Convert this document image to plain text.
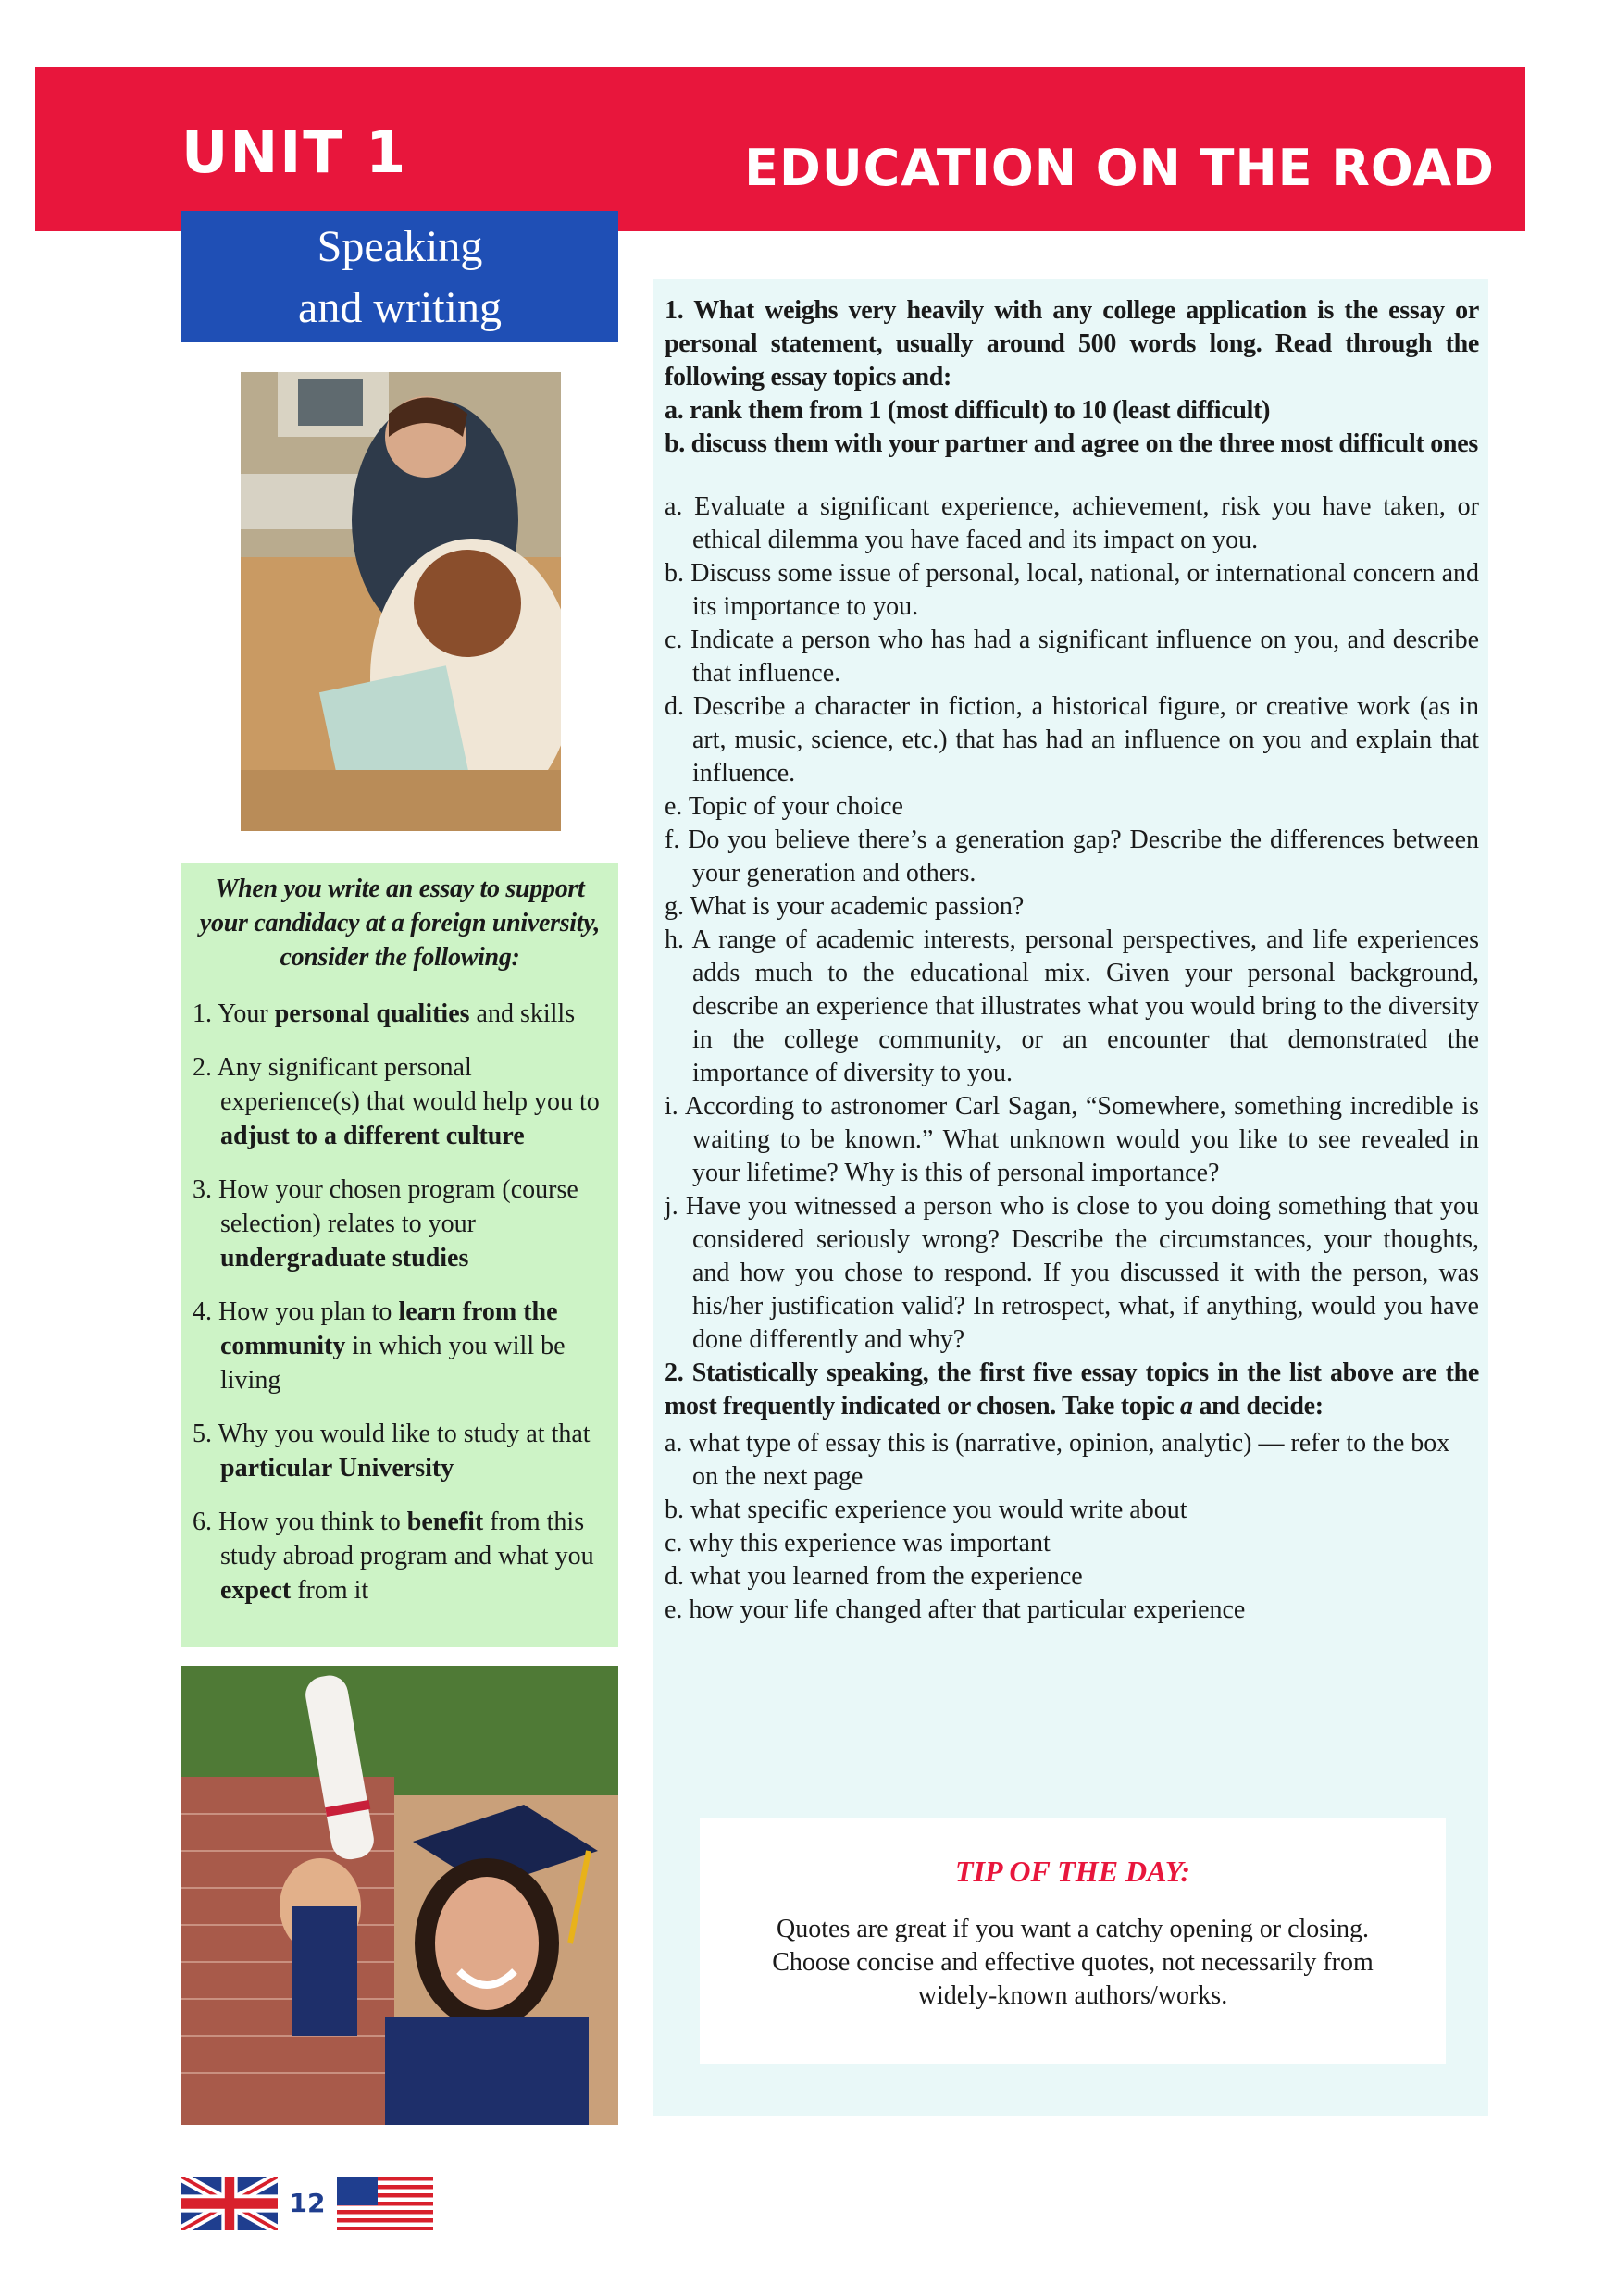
UNIT 1	EDUCATION ON THE ROAD
Speaking
and writing

When you write an essay to support your candidacy at a foreign university, consider the following:

1. Your personal qualities and skills
2. Any significant personal experience(s) that would help you to adjust to a different culture
3. How your chosen program (course selection) relates to your undergraduate studies
4. How you plan to learn from the community in which you will be living
5. Why you would like to study at that particular University
6. How you think to benefit from this study abroad program and what you expect from it

1. What weighs very heavily with any college application is the essay or personal statement, usually around 500 words long. Read through the following essay topics and:

a. rank them from 1 (most difficult) to 10 (least difficult)

b. discuss them with your partner and agree on the three most difficult ones

a. Evaluate a significant experience, achievement, risk you have taken, or ethical dilemma you have faced and its impact on you.

b. Discuss some issue of personal, local, national, or international concern and its importance to you.

c. Indicate a person who has had a significant influence on you, and describe that influence.

d. Describe a character in fiction, a historical figure, or creative work (as in art, music, science, etc.) that has had an influence on you and explain that influence.

e. Topic of your choice

f. Do you believe there’s a generation gap? Describe the differences between your generation and others.

g. What is your academic passion?

h. A range of academic interests, personal perspectives, and life experiences adds much to the educational mix. Given your personal background, describe an experience that illustrates what you would bring to the diversity in the college community, or an encounter that demonstrated the importance of diversity to you.

i. According to astronomer Carl Sagan, “Somewhere, something incredible is waiting to be known.” What unknown would you like to see revealed in your lifetime? Why is this of personal importance?

j. Have you witnessed a person who is close to you doing something that you considered seriously wrong? Describe the circumstances, your thoughts, and how you chose to respond. If you discussed it with the person, was his/her justification valid? In retrospect, what, if anything, would you have done differently and why?

2. Statistically speaking, the first five essay topics in the list above are the most frequently indicated or chosen. Take topic a and decide:

a. what type of essay this is (narrative, opinion, analytic) — refer to the box on the next page

b. what specific experience you would write about

c. why this experience was important

d. what you learned from the experience

e. how your life changed after that particular experience

TIP OF THE DAY:

Quotes are great if you want a catchy opening or closing. Choose concise and effective quotes, not necessarily from widely-known authors/works.

12
